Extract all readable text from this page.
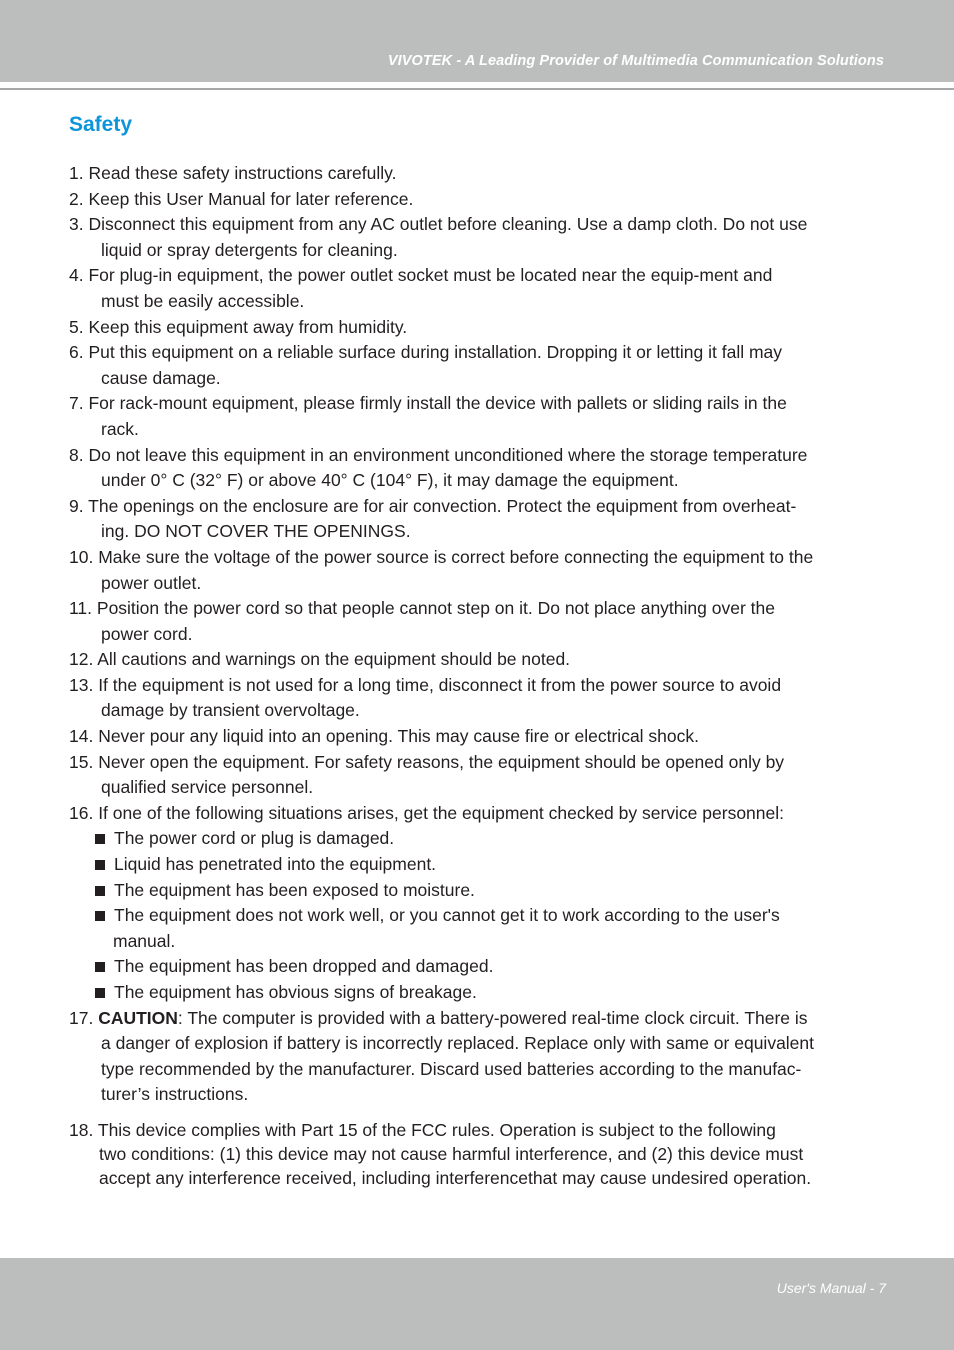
VIVOTEK - A Leading Provider of Multimedia Communication Solutions
Safety
1. Read these safety instructions carefully.
2. Keep this User Manual for later reference.
3. Disconnect this equipment from any AC outlet before cleaning. Use a damp cloth. Do not use
liquid or spray detergents for cleaning.
4. For plug-in equipment, the power outlet socket must be located near the equip-ment and
must be easily accessible.
5. Keep this equipment away from humidity.
6. Put this equipment on a reliable surface during installation. Dropping it or letting it fall may
cause damage.
7. For rack-mount equipment, please firmly install the device with pallets or sliding rails in the
rack.
8. Do not leave this equipment in an environment unconditioned where the storage temperature
under 0° C (32° F) or above 40° C (104° F), it may damage the equipment.
9. The openings on the enclosure are for air convection. Protect the equipment from overheat-
ing. DO NOT COVER THE OPENINGS.
10. Make sure the voltage of the power source is correct before connecting the equipment to the
power outlet.
11. Position the power cord so that people cannot step on it. Do not place anything over the
power cord.
12. All cautions and warnings on the equipment should be noted.
13. If the equipment is not used for a long time, disconnect it from the power source to avoid
damage by transient overvoltage.
14. Never pour any liquid into an opening. This may cause fire or electrical shock.
15. Never open the equipment. For safety reasons, the equipment should be opened only by
qualified service personnel.
16. If one of the following situations arises, get the equipment checked by service personnel:
The power cord or plug is damaged.
Liquid has penetrated into the equipment.
The equipment has been exposed to moisture.
The equipment does not work well, or you cannot get it to work according to the user's
manual.
The equipment has been dropped and damaged.
The equipment has obvious signs of breakage.
17. CAUTION: The computer is provided with a battery-powered real-time clock circuit. There is
a danger of explosion if battery is incorrectly replaced. Replace only with same or equivalent
type recommended by the manufacturer. Discard used batteries according to the manufac-
turer’s instructions.
18. This device complies with Part 15 of the FCC rules. Operation is subject to the following
two conditions: (1) this device may not cause harmful interference, and (2) this device must
accept any interference received, including interferencethat may cause undesired operation.
User's Manual - 7
